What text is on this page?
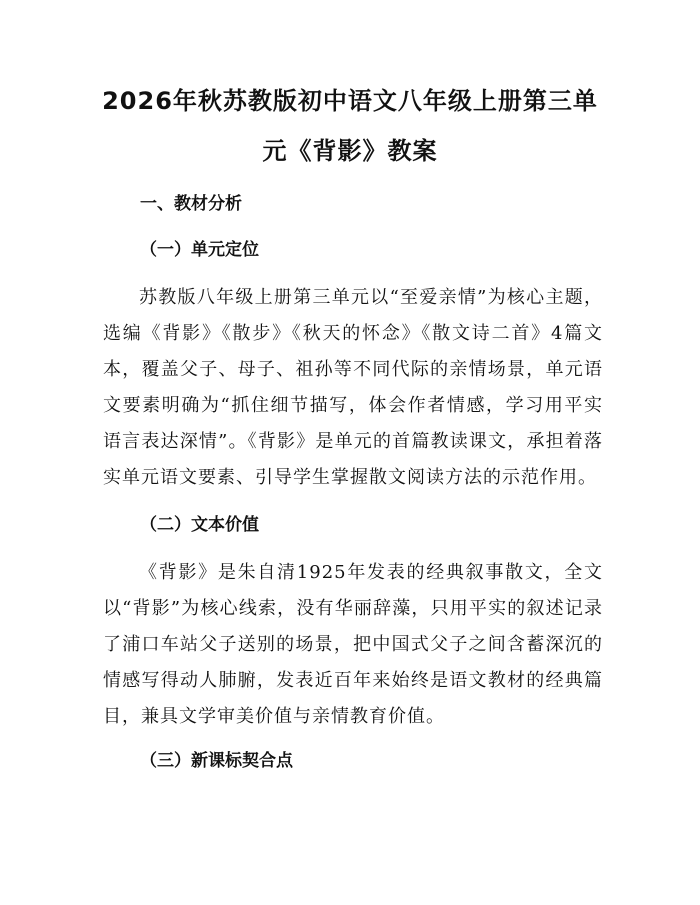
2026年秋苏教版初中语文八年级上册第三单
元《背影》教案
一、教材分析
（一）单元定位

苏教版八年级上册第三单元以“至爱亲情”为核心主题，选编《背影》《散步》《秋天的怀念》《散文诗二首》4篇文本，覆盖父子、母子、祖孙等不同代际的亲情场景，单元语文要素明确为“抓住细节描写，体会作者情感，学习用平实语言表达深情”。《背影》是单元的首篇教读课文，承担着落实单元语文要素、引导学生掌握散文阅读方法的示范作用。

（二）文本价值

《背影》是朱自清1925年发表的经典叙事散文，全文以“背影”为核心线索，没有华丽辞藻，只用平实的叙述记录了浦口车站父子送别的场景，把中国式父子之间含蓄深沉的情感写得动人肺腑，发表近百年来始终是语文教材的经典篇目，兼具文学审美价值与亲情教育价值。

（三）新课标契合点
